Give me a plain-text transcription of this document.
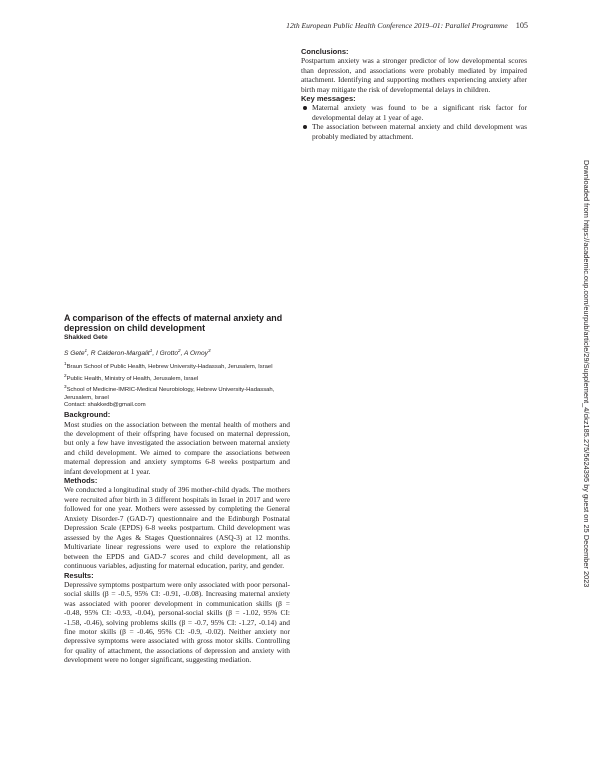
12th European Public Health Conference 2019–01: Parallel Programme 105

Conclusions:

Postpartum anxiety was a stronger predictor of low developmental scores than depression, and associations were probably mediated by impaired attachment. Identifying and supporting mothers experiencing anxiety after birth may mitigate the risk of developmental delays in children.

Key messages:

Maternal anxiety was found to be a significant risk factor for developmental delay at 1 year of age.
The association between maternal anxiety and child development was probably mediated by attachment.

A comparison of the effects of maternal anxiety and depression on child development

Shakked Gete

S Gete$^1$, R Calderon-Margalit$^1$, I Grotto$^2$, A Ornoy$^3$

$^1$Braun School of Public Health, Hebrew University-Hadassah, Jerusalem, Israel
$^2$Public Health, Ministry of Health, Jerusalem, Israel
$^3$School of Medicine-IMRIC-Medical Neurobiology, Hebrew University-Hadassah, Jerusalem, Israel
Contact: shakkedb@gmail.com

Background:

Most studies on the association between the mental health of mothers and the development of their offspring have focused on maternal depression, but only a few have investigated the association between maternal anxiety and child development. We aimed to compare the associations between maternal depression and anxiety symptoms 6-8 weeks postpartum and infant development at 1 year.

Methods:

We conducted a longitudinal study of 396 mother-child dyads. The mothers were recruited after birth in 3 different hospitals in Israel in 2017 and were followed for one year. Mothers were assessed by completing the General Anxiety Disorder-7 (GAD-7) questionnaire and the Edinburgh Postnatal Depression Scale (EPDS) 6-8 weeks postpartum. Child development was assessed by the Ages & Stages Questionnaires (ASQ-3) at 12 months. Multivariate linear regressions were used to explore the relationship between the EPDS and GAD-7 scores and child development, all as continuous variables, adjusting for maternal education, parity, and gender.

Results:

Depressive symptoms postpartum were only associated with poor personal-social skills (β = -0.5, 95% CI: -0.91, -0.08). Increasing maternal anxiety was associated with poorer development in communication skills (β = -0.48, 95% CI: -0.93, -0.04), personal-social skills (β = -1.02, 95% CI: -1.58, -0.46), solving problems skills (β = -0.7, 95% CI: -1.27, -0.14) and fine motor skills (β = -0.46, 95% CI: -0.9, -0.02). Neither anxiety nor depressive symptoms were associated with gross motor skills. Controlling for quality of attachment, the associations of depression and anxiety with development were no longer significant, suggesting mediation.

Downloaded from https://academic.oup.com/eurpub/article/29/Supplement_4/ckz185.275/5624395 by guest on 25 December 2023
